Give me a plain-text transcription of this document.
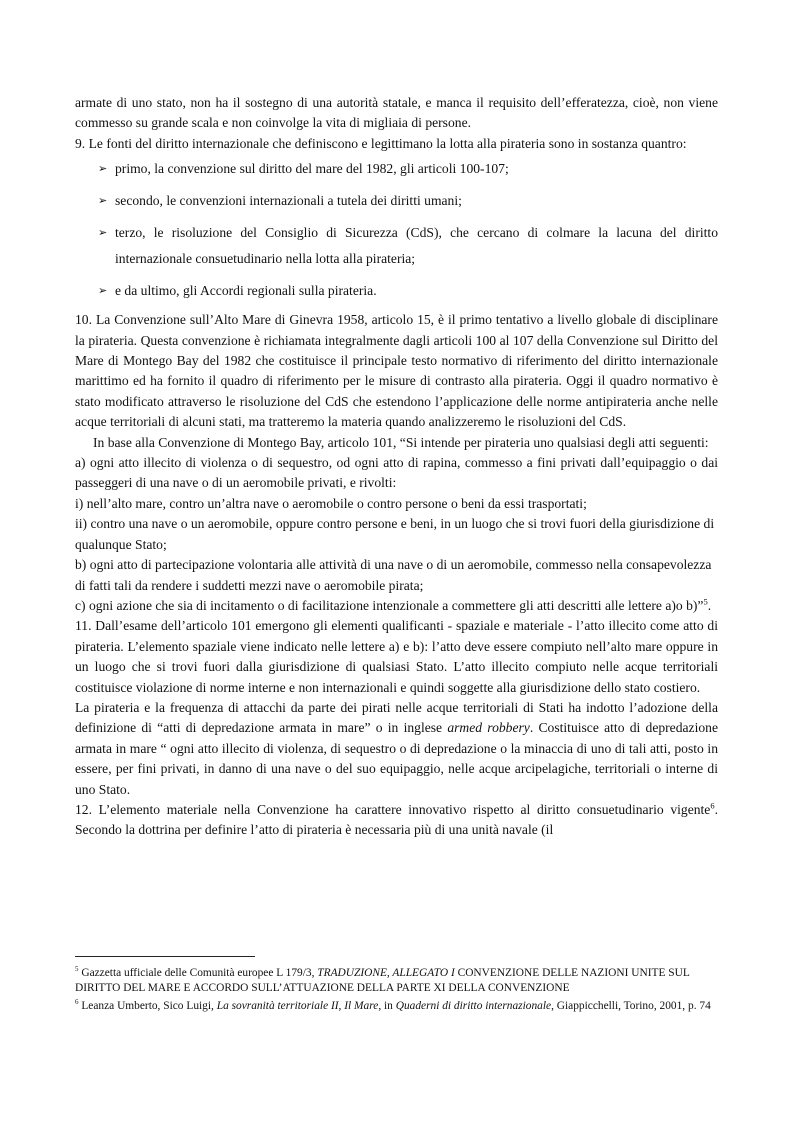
armate di uno stato, non ha il sostegno di una autorità statale, e manca il requisito dell’efferatezza, cioè, non viene commesso su grande scala e non coinvolge la vita di migliaia di persone.

9. Le fonti del diritto internazionale che definiscono e legittimano la lotta alla pirateria sono in sostanza quantro:

➢ primo, la convenzione sul diritto del mare del 1982, gli articoli 100-107;
➢ secondo, le convenzioni internazionali a tutela dei diritti umani;
➢ terzo, le risoluzione del Consiglio di Sicurezza (CdS), che cercano di colmare la lacuna del diritto internazionale consuetudinario nella lotta alla pirateria;
➢ e da ultimo, gli Accordi regionali sulla pirateria.

10. La Convenzione sull’Alto Mare di Ginevra 1958, articolo 15, è il primo tentativo a livello globale di disciplinare la pirateria. Questa convenzione è richiamata integralmente dagli articoli 100 al 107 della Convenzione sul Diritto del Mare di Montego Bay del 1982 che costituisce il principale testo normativo di riferimento del diritto internazionale marittimo ed ha fornito il quadro di riferimento per le misure di contrasto alla pirateria. Oggi il quadro normativo è stato modificato attraverso le risoluzione del CdS che estendono l’applicazione delle norme antipirateria anche nelle acque territoriali di alcuni stati, ma tratteremo la materia quando analizzeremo le risoluzioni del CdS.

In base alla Convenzione di Montego Bay, articolo 101, “Si intende per pirateria uno qualsiasi degli atti seguenti:

a) ogni atto illecito di violenza o di sequestro, od ogni atto di rapina, commesso a fini privati dall’equipaggio o dai passeggeri di una nave o di un aeromobile privati, e rivolti:

i) nell’alto mare, contro un’altra nave o aeromobile o contro persone o beni da essi trasportati;

ii) contro una nave o un aeromobile, oppure contro persone e beni, in un luogo che si trovi fuori della giurisdizione di qualunque Stato;

b) ogni atto di partecipazione volontaria alle attività di una nave o di un aeromobile, commesso nella consapevolezza di fatti tali da rendere i suddetti mezzi nave o aeromobile pirata;

c) ogni azione che sia di incitamento o di facilitazione intenzionale a commettere gli atti descritti alle lettere a)o b)”$^5$.

11. Dall’esame dell’articolo 101 emergono gli elementi qualificanti - spaziale e materiale - l’atto illecito come atto di pirateria. L’elemento spaziale viene indicato nelle lettere a) e b): l’atto deve essere compiuto nell’alto mare oppure in un luogo che si trovi fuori dalla giurisdizione di qualsiasi Stato. L’atto illecito compiuto nelle acque territoriali costituisce violazione di norme interne e non internazionali e quindi soggette alla giurisdizione dello stato costiero.

La pirateria e la frequenza di attacchi da parte dei pirati nelle acque territoriali di Stati ha indotto l’adozione della definizione di “atti di depredazione armata in mare” o in inglese armed robbery. Costituisce atto di depredazione armata in mare “ ogni atto illecito di violenza, di sequestro o di depredazione o la minaccia di uno di tali atti, posto in essere, per fini privati, in danno di una nave o del suo equipaggio, nelle acque arcipelagiche, territoriali o interne di uno Stato.

12. L’elemento materiale nella Convenzione ha carattere innovativo rispetto al diritto consuetudinario vigente$^6$. Secondo la dottrina per definire l’atto di pirateria è necessaria più di una unità navale (il

$^5$ Gazzetta ufficiale delle Comunità europee L 179/3, TRADUZIONE, ALLEGATO I CONVENZIONE DELLE NAZIONI UNITE SUL DIRITTO DEL MARE E ACCORDO SULL’ATTUAZIONE DELLA PARTE XI DELLA CONVENZIONE

$^6$ Leanza Umberto, Sico Luigi, La sovranità territoriale II, Il Mare, in Quaderni di diritto internazionale, Giappicchelli, Torino, 2001, p. 74
